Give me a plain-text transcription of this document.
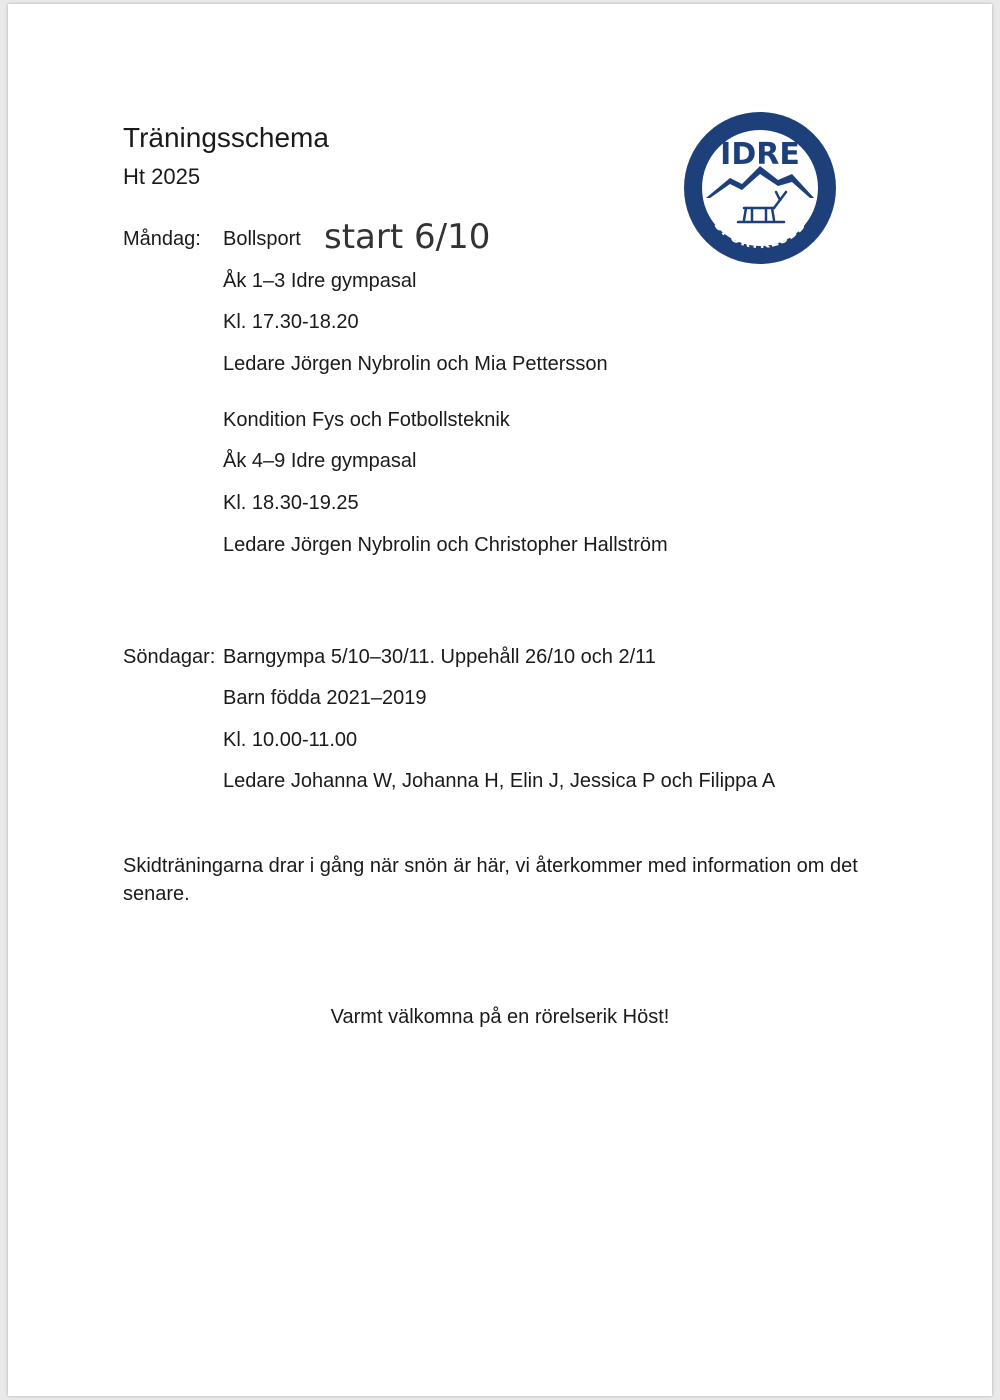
Träningsschema
Ht 2025
IDRE
SPORTKLUBB
Måndag: Bollsport start 6/10
Åk 1–3 Idre gympasal
Kl. 17.30-18.20
Ledare Jörgen Nybrolin och Mia Pettersson
Kondition Fys och Fotbollsteknik
Åk 4–9 Idre gympasal
Kl. 18.30-19.25
Ledare Jörgen Nybrolin och Christopher Hallström
Söndagar: Barngympa 5/10–30/11. Uppehåll 26/10 och 2/11
Barn födda 2021–2019
Kl. 10.00-11.00
Ledare Johanna W, Johanna H, Elin J, Jessica P och Filippa A
Skidträningarna drar i gång när snön är här, vi återkommer med information om det senare.
Varmt välkomna på en rörelserik Höst!
